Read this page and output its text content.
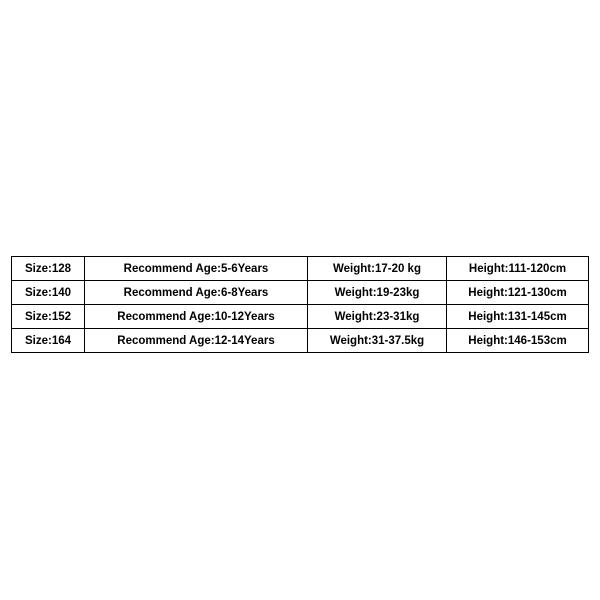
Size:128	Recommend Age:5-6Years	Weight:17-20 kg	Height:111-120cm
Size:140	Recommend Age:6-8Years	Weight:19-23kg	Height:121-130cm
Size:152	Recommend Age:10-12Years	Weight:23-31kg	Height:131-145cm
Size:164	Recommend Age:12-14Years	Weight:31-37.5kg	Height:146-153cm
